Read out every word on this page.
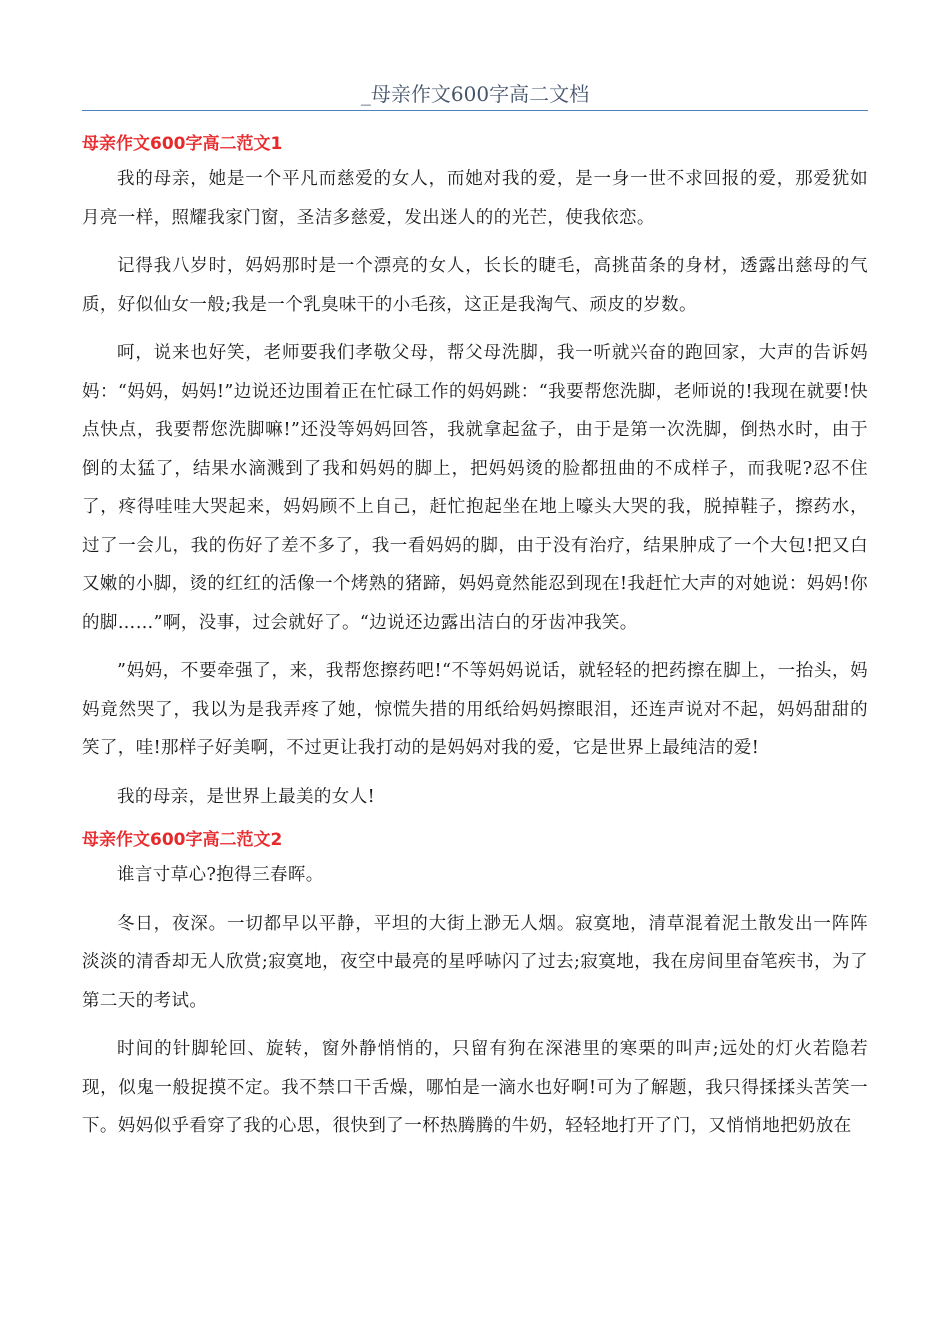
_母亲作文600字高二文档
母亲作文600字高二范文1

我的母亲，她是一个平凡而慈爱的女人，而她对我的爱，是一身一世不求回报的爱，那爱犹如月亮一样，照耀我家门窗，圣洁多慈爱，发出迷人的的光芒，使我依恋。

记得我八岁时，妈妈那时是一个漂亮的女人，长长的睫毛，高挑苗条的身材，透露出慈母的气质，好似仙女一般;我是一个乳臭味干的小毛孩，这正是我淘气、顽皮的岁数。

呵，说来也好笑，老师要我们孝敬父母，帮父母洗脚，我一听就兴奋的跑回家，大声的告诉妈妈：“妈妈，妈妈!”边说还边围着正在忙碌工作的妈妈跳：“我要帮您洗脚，老师说的!我现在就要!快点快点，我要帮您洗脚嘛!”还没等妈妈回答，我就拿起盆子，由于是第一次洗脚，倒热水时，由于倒的太猛了，结果水滴溅到了我和妈妈的脚上，把妈妈烫的脸都扭曲的不成样子，而我呢?忍不住了，疼得哇哇大哭起来，妈妈顾不上自己，赶忙抱起坐在地上嚎头大哭的我，脱掉鞋子，擦药水，过了一会儿，我的伤好了差不多了，我一看妈妈的脚，由于没有治疗，结果肿成了一个大包!把又白又嫩的小脚，烫的红红的活像一个烤熟的猪蹄，妈妈竟然能忍到现在!我赶忙大声的对她说：妈妈!你的脚……”啊，没事，过会就好了。“边说还边露出洁白的牙齿冲我笑。

”妈妈，不要牵强了，来，我帮您擦药吧!“不等妈妈说话，就轻轻的把药擦在脚上，一抬头，妈妈竟然哭了，我以为是我弄疼了她，惊慌失措的用纸给妈妈擦眼泪，还连声说对不起，妈妈甜甜的笑了，哇!那样子好美啊，不过更让我打动的是妈妈对我的爱，它是世界上最纯洁的爱!

我的母亲，是世界上最美的女人!

母亲作文600字高二范文2

谁言寸草心?抱得三春晖。

冬日，夜深。一切都早以平静，平坦的大街上渺无人烟。寂寞地，清草混着泥土散发出一阵阵淡淡的清香却无人欣赏;寂寞地，夜空中最亮的星呼哧闪了过去;寂寞地，我在房间里奋笔疾书，为了第二天的考试。

时间的针脚轮回、旋转，窗外静悄悄的，只留有狗在深港里的寒栗的叫声;远处的灯火若隐若现，似鬼一般捉摸不定。我不禁口干舌燥，哪怕是一滴水也好啊!可为了解题，我只得揉揉头苦笑一下。妈妈似乎看穿了我的心思，很快到了一杯热腾腾的牛奶，轻轻地打开了门，又悄悄地把奶放在
